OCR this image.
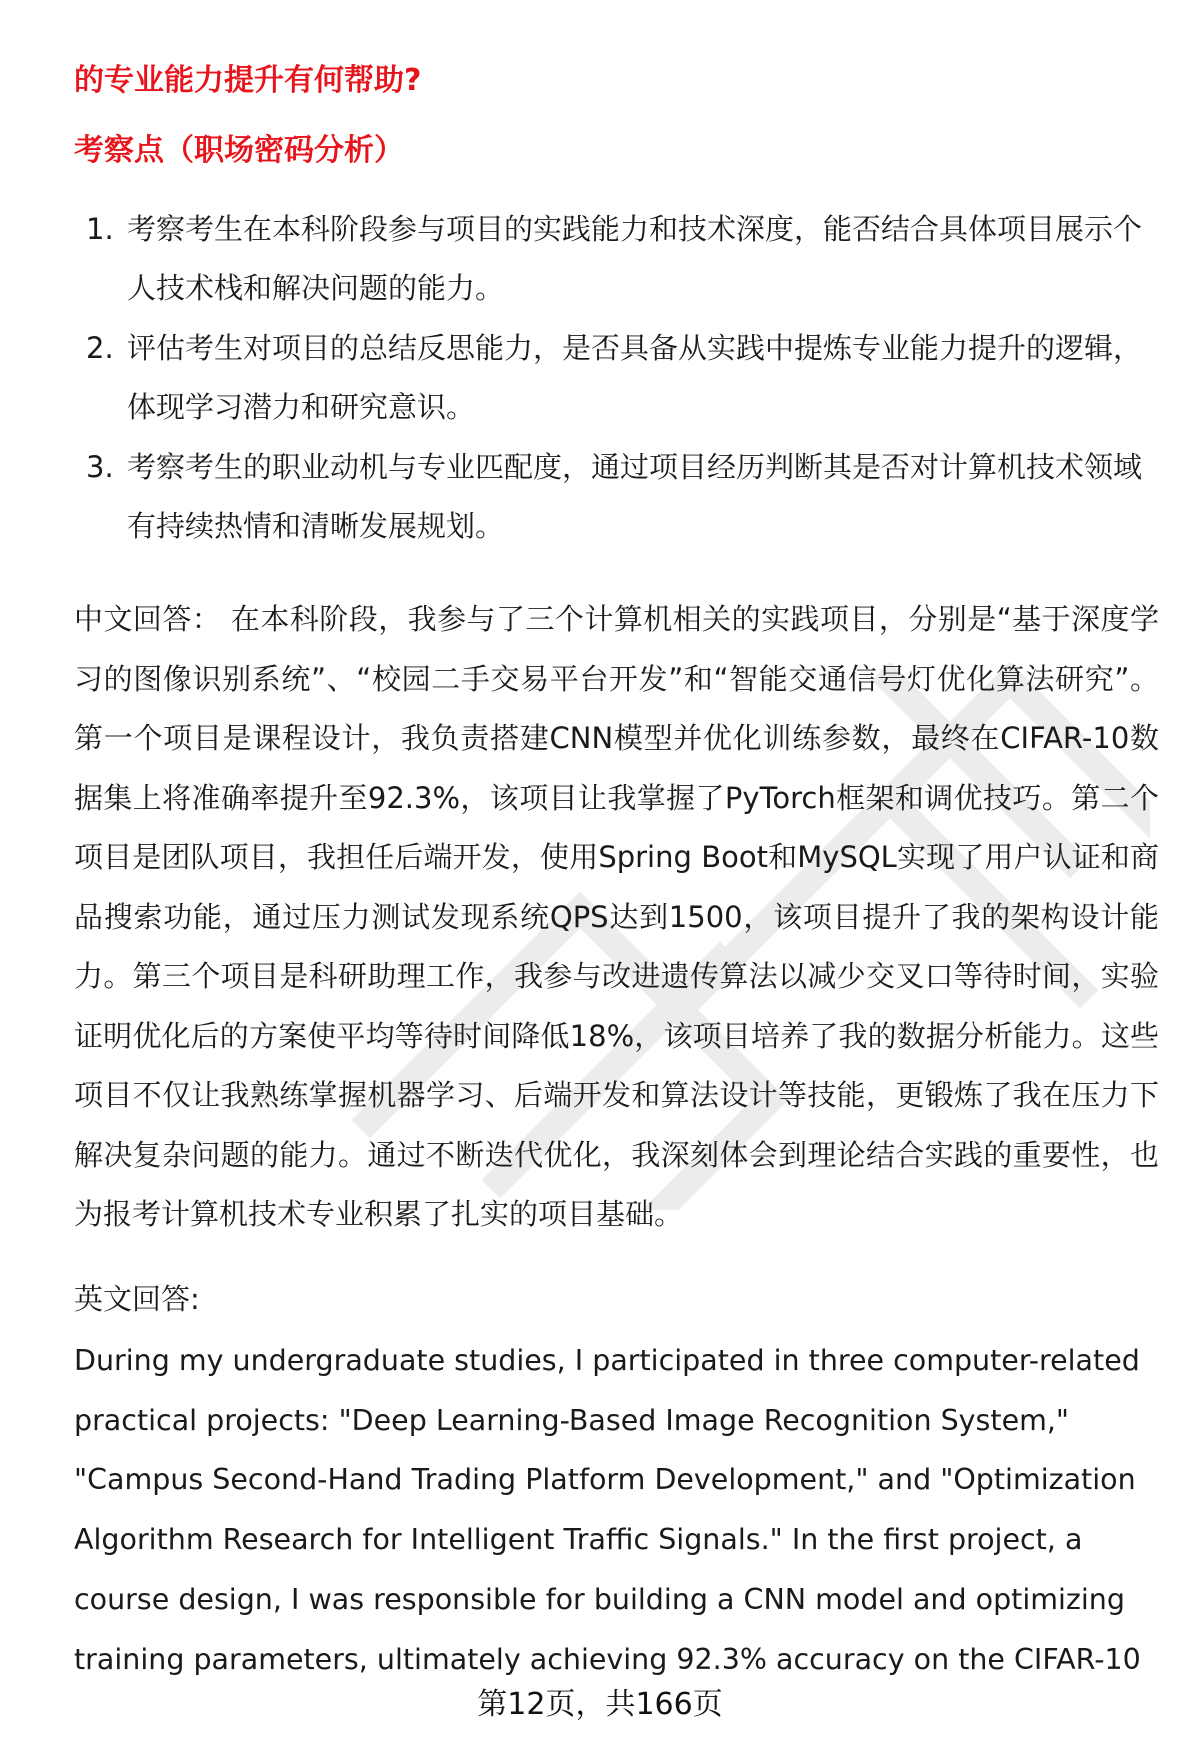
的专业能力提升有何帮助?
考察点（职场密码分析）
1. 考察考生在本科阶段参与项目的实践能力和技术深度，能否结合具体项目展示个人技术栈和解决问题的能力。
2. 评估考生对项目的总结反思能力，是否具备从实践中提炼专业能力提升的逻辑，体现学习潜力和研究意识。
3. 考察考生的职业动机与专业匹配度，通过项目经历判断其是否对计算机技术领域有持续热情和清晰发展规划。

中文回答： 在本科阶段，我参与了三个计算机相关的实践项目，分别是“基于深度学习的图像识别系统”、“校园二手交易平台开发”和“智能交通信号灯优化算法研究”。第一个项目是课程设计，我负责搭建CNN模型并优化训练参数，最终在CIFAR-10数据集上将准确率提升至92.3%，该项目让我掌握了PyTorch框架和调优技巧。第二个项目是团队项目，我担任后端开发，使用Spring Boot和MySQL实现了用户认证和商品搜索功能，通过压力测试发现系统QPS达到1500，该项目提升了我的架构设计能力。第三个项目是科研助理工作，我参与改进遗传算法以减少交叉口等待时间，实验证明优化后的方案使平均等待时间降低18%，该项目培养了我的数据分析能力。这些项目不仅让我熟练掌握机器学习、后端开发和算法设计等技能，更锻炼了我在压力下解决复杂问题的能力。通过不断迭代优化，我深刻体会到理论结合实践的重要性，也为报考计算机技术专业积累了扎实的项目基础。

英文回答:

During my undergraduate studies, I participated in three computer-related practical projects: "Deep Learning-Based Image Recognition System," "Campus Second-Hand Trading Platform Development," and "Optimization Algorithm Research for Intelligent Traffic Signals." In the first project, a course design, I was responsible for building a CNN model and optimizing training parameters, ultimately achieving 92.3% accuracy on the CIFAR-10

第12页，共166页
